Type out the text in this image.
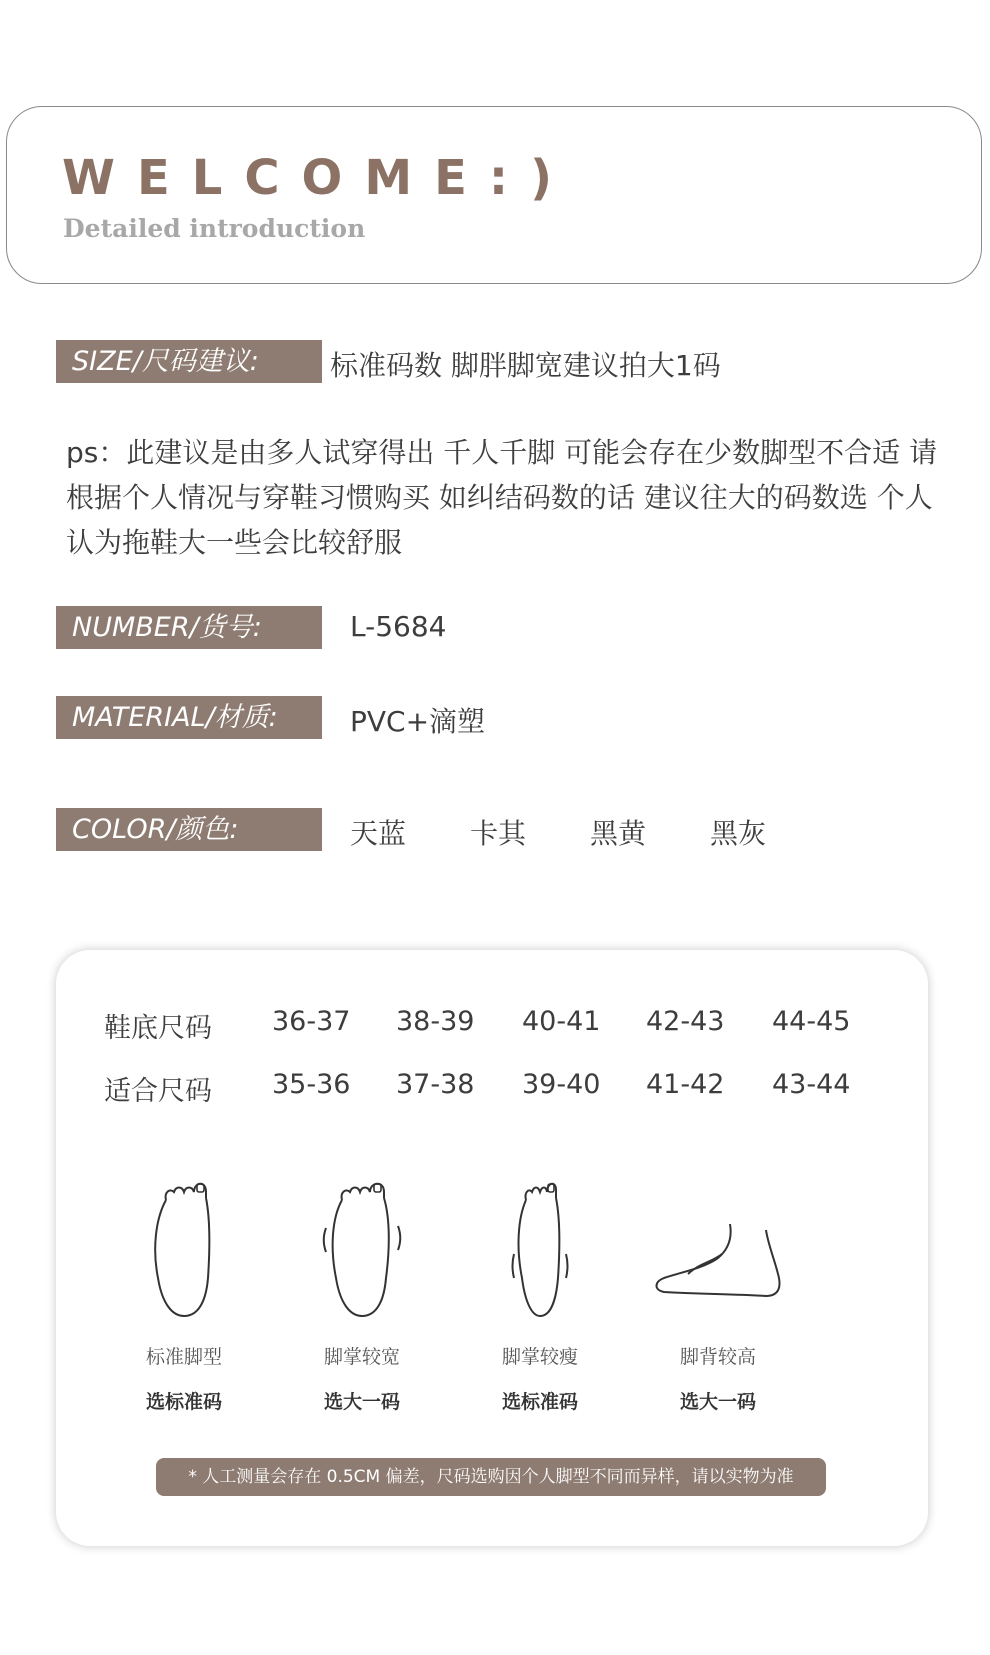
WELCOME:)
Detailed introduction
SIZE/尺码建议:	标准码数 脚胖脚宽建议拍大1码
ps：此建议是由多人试穿得出 千人千脚 可能会存在少数脚型不合适 请根据个人情况与穿鞋习惯购买 如纠结码数的话 建议往大的码数选 个人认为拖鞋大一些会比较舒服
NUMBER/货号:	L-5684
MATERIAL/材质:	PVC+滴塑
COLOR/颜色:	天蓝 卡其 黑黄 黑灰
鞋底尺码 36-37 38-39 40-41 42-43 44-45
适合尺码 35-36 37-38 39-40 41-42 43-44
标准脚型
选标准码
脚掌较宽
选大一码
脚掌较瘦
选标准码
脚背较高
选大一码
* 人工测量会存在 0.5CM 偏差，尺码选购因个人脚型不同而异样，请以实物为准
